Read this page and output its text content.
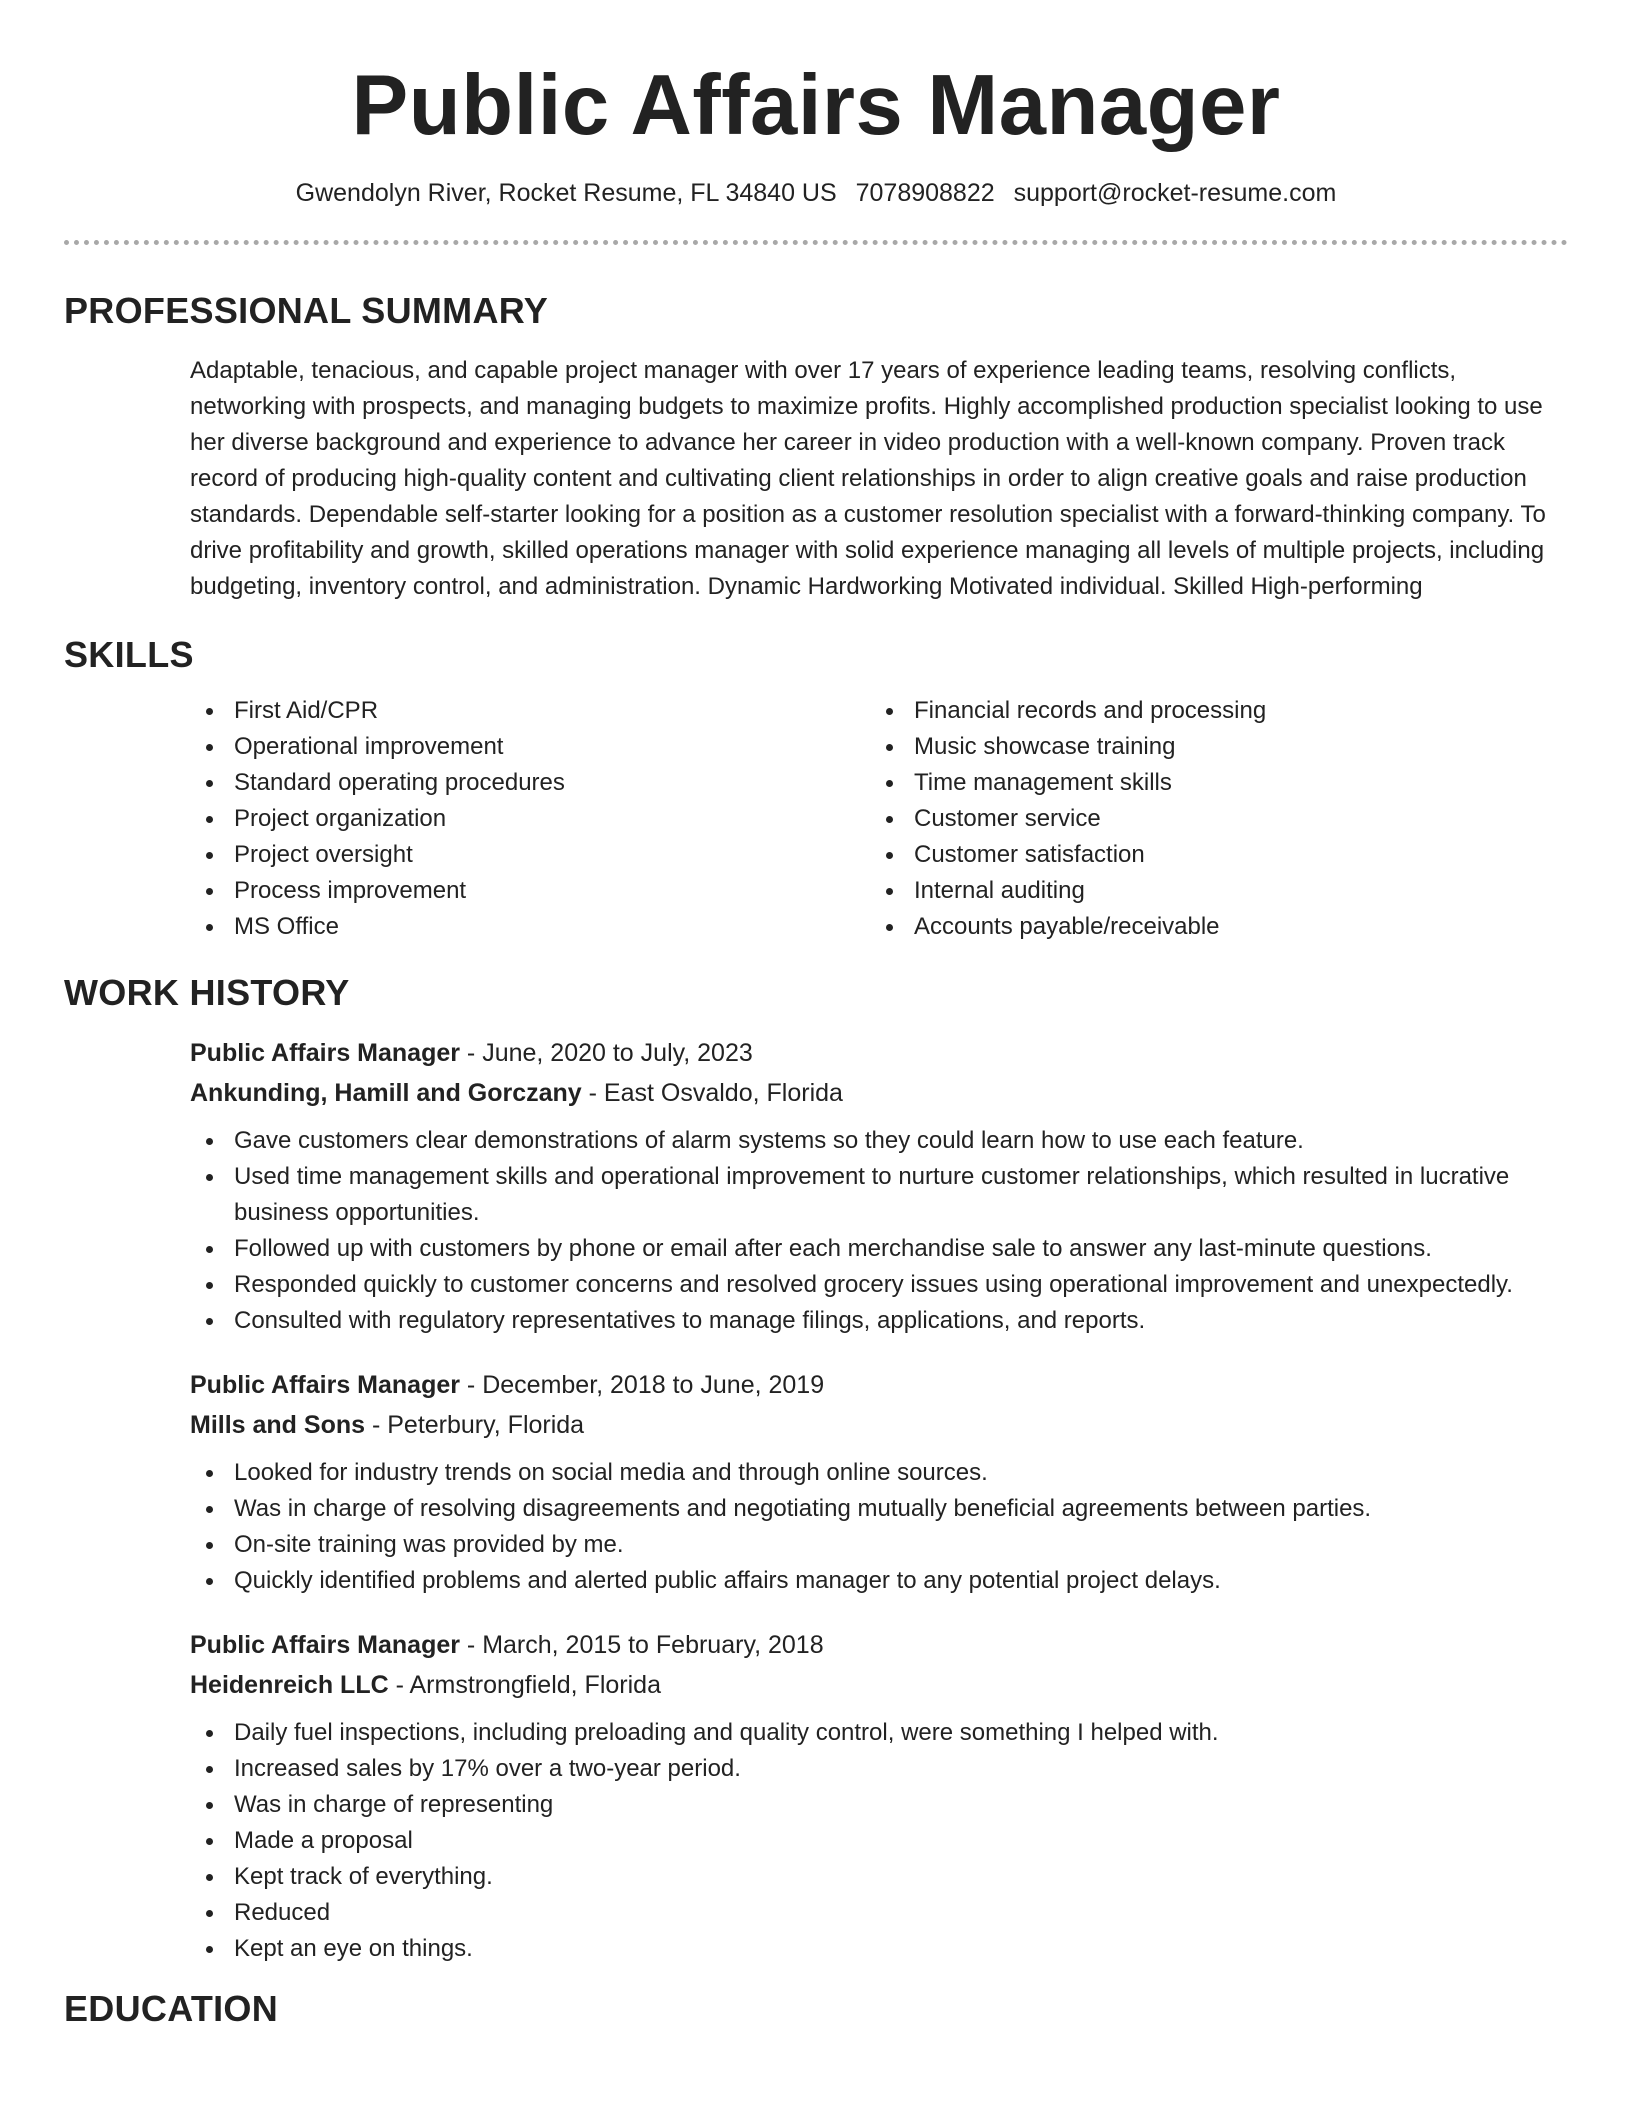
Public Affairs Manager
Gwendolyn River, Rocket Resume, FL 34840 US 7078908822 support@rocket-resume.com
PROFESSIONAL SUMMARY

Adaptable, tenacious, and capable project manager with over 17 years of experience leading teams, resolving conflicts, networking with prospects, and managing budgets to maximize profits. Highly accomplished production specialist looking to use her diverse background and experience to advance her career in video production with a well-known company. Proven track record of producing high-quality content and cultivating client relationships in order to align creative goals and raise production standards. Dependable self-starter looking for a position as a customer resolution specialist with a forward-thinking company. To drive profitability and growth, skilled operations manager with solid experience managing all levels of multiple projects, including budgeting, inventory control, and administration. Dynamic Hardworking Motivated individual. Skilled High-performing

SKILLS
First Aid/CPR
Operational improvement
Standard operating procedures
Project organization
Project oversight
Process improvement
MS Office
Financial records and processing
Music showcase training
Time management skills
Customer service
Customer satisfaction
Internal auditing
Accounts payable/receivable
WORK HISTORY
Public Affairs Manager - June, 2020 to July, 2023
Ankunding, Hamill and Gorczany - East Osvaldo, Florida
Gave customers clear demonstrations of alarm systems so they could learn how to use each feature.
Used time management skills and operational improvement to nurture customer relationships, which resulted in lucrative business opportunities.
Followed up with customers by phone or email after each merchandise sale to answer any last-minute questions.
Responded quickly to customer concerns and resolved grocery issues using operational improvement and unexpectedly.
Consulted with regulatory representatives to manage filings, applications, and reports.
Public Affairs Manager - December, 2018 to June, 2019
Mills and Sons - Peterbury, Florida
Looked for industry trends on social media and through online sources.
Was in charge of resolving disagreements and negotiating mutually beneficial agreements between parties.
On-site training was provided by me.
Quickly identified problems and alerted public affairs manager to any potential project delays.
Public Affairs Manager - March, 2015 to February, 2018
Heidenreich LLC - Armstrongfield, Florida
Daily fuel inspections, including preloading and quality control, were something I helped with.
Increased sales by 17% over a two-year period.
Was in charge of representing
Made a proposal
Kept track of everything.
Reduced
Kept an eye on things.
EDUCATION
